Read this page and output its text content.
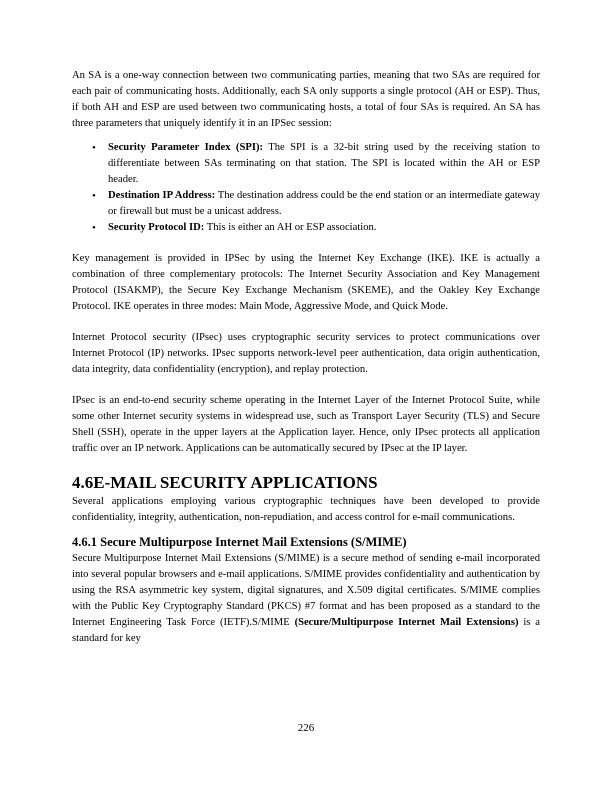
An SA is a one-way connection between two communicating parties, meaning that two SAs are required for each pair of communicating hosts. Additionally, each SA only supports a single protocol (AH or ESP). Thus, if both AH and ESP are used between two communicating hosts, a total of four SAs is required. An SA has three parameters that uniquely identify it in an IPSec session:

• Security Parameter Index (SPI): The SPI is a 32-bit string used by the receiving station to differentiate between SAs terminating on that station. The SPI is located within the AH or ESP header.
• Destination IP Address: The destination address could be the end station or an intermediate gateway or firewall but must be a unicast address.
• Security Protocol ID: This is either an AH or ESP association.

Key management is provided in IPSec by using the Internet Key Exchange (IKE). IKE is actually a combination of three complementary protocols: The Internet Security Association and Key Management Protocol (ISAKMP), the Secure Key Exchange Mechanism (SKEME), and the Oakley Key Exchange Protocol. IKE operates in three modes: Main Mode, Aggressive Mode, and Quick Mode.

Internet Protocol security (IPsec) uses cryptographic security services to protect communications over Internet Protocol (IP) networks. IPsec supports network-level peer authentication, data origin authentication, data integrity, data confidentiality (encryption), and replay protection.

IPsec is an end-to-end security scheme operating in the Internet Layer of the Internet Protocol Suite, while some other Internet security systems in widespread use, such as Transport Layer Security (TLS) and Secure Shell (SSH), operate in the upper layers at the Application layer. Hence, only IPsec protects all application traffic over an IP network. Applications can be automatically secured by IPsec at the IP layer.

4.6E-MAIL SECURITY APPLICATIONS

Several applications employing various cryptographic techniques have been developed to provide confidentiality, integrity, authentication, non-repudiation, and access control for e-mail communications.

4.6.1 Secure Multipurpose Internet Mail Extensions (S/MIME)

Secure Multipurpose Internet Mail Extensions (S/MIME) is a secure method of sending e-mail incorporated into several popular browsers and e-mail applications. S/MIME provides confidentiality and authentication by using the RSA asymmetric key system, digital signatures, and X.509 digital certificates. S/MIME complies with the Public Key Cryptography Standard (PKCS) #7 format and has been proposed as a standard to the Internet Engineering Task Force (IETF).S/MIME (Secure/Multipurpose Internet Mail Extensions) is a standard for key

226
